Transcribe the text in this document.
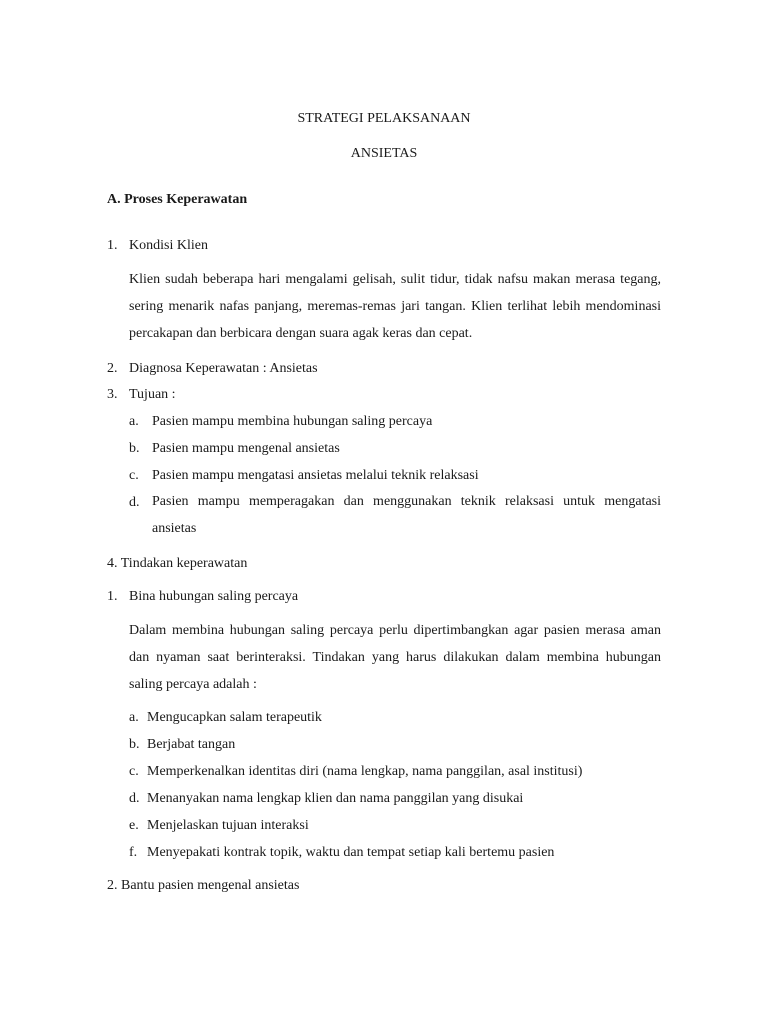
STRATEGI PELAKSANAAN
ANSIETAS
A. Proses Keperawatan
1. Kondisi Klien
Klien sudah beberapa hari mengalami gelisah, sulit tidur, tidak nafsu makan merasa tegang, sering menarik nafas panjang, meremas-remas jari tangan. Klien terlihat lebih mendominasi percakapan dan berbicara dengan suara agak keras dan cepat.
2. Diagnosa Keperawatan : Ansietas
3. Tujuan :
a. Pasien mampu membina hubungan saling percaya
b. Pasien mampu mengenal ansietas
c. Pasien mampu mengatasi ansietas melalui teknik relaksasi
d. Pasien mampu memperagakan dan menggunakan teknik relaksasi untuk mengatasi ansietas
4. Tindakan keperawatan
1. Bina hubungan saling percaya
Dalam membina hubungan saling percaya perlu dipertimbangkan agar pasien merasa aman dan nyaman saat berinteraksi. Tindakan yang harus dilakukan dalam membina hubungan saling percaya adalah :
a. Mengucapkan salam terapeutik
b. Berjabat tangan
c. Memperkenalkan identitas diri (nama lengkap, nama panggilan, asal institusi)
d. Menanyakan nama lengkap klien dan nama panggilan yang disukai
e. Menjelaskan tujuan interaksi
f. Menyepakati kontrak topik, waktu dan tempat setiap kali bertemu pasien
2. Bantu pasien mengenal ansietas
